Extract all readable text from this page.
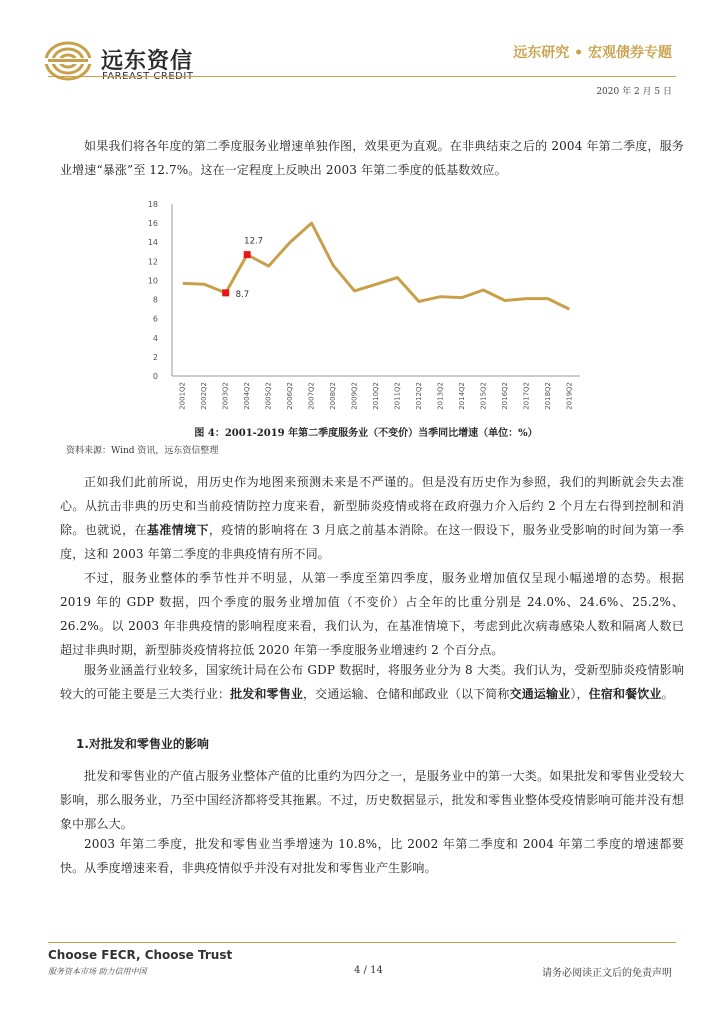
远东资信
FAREAST CREDIT
远东研究 • 宏观债券专题
2020 年 2 月 5 日

如果我们将各年度的第二季度服务业增速单独作图，效果更为直观。在非典结束之后的 2004 年第二季度，服务业增速“暴涨”至 12.7%。这在一定程度上反映出 2003 年第二季度的低基数效应。

0
2
4
6
8
10
12
14
16
18
2001Q2 2002Q2 2003Q2 2004Q2 2005Q2 2006Q2 2007Q2 2008Q2 2009Q2 2010Q2 2011Q2 2012Q2 2013Q2 2014Q2 2015Q2 2016Q2 2017Q2 2018Q2 2019Q2
8.7
12.7
图 4：2001-2019 年第二季度服务业（不变价）当季同比增速（单位：%）
资料来源：Wind 资讯，远东资信整理

正如我们此前所说，用历史作为地图来预测未来是不严谨的。但是没有历史作为参照，我们的判断就会失去准心。从抗击非典的历史和当前疫情防控力度来看，新型肺炎疫情或将在政府强力介入后约 2 个月左右得到控制和消除。也就说，在基准情境下，疫情的影响将在 3 月底之前基本消除。在这一假设下，服务业受影响的时间为第一季度，这和 2003 年第二季度的非典疫情有所不同。

不过，服务业整体的季节性并不明显，从第一季度至第四季度，服务业增加值仅呈现小幅递增的态势。根据 2019 年的 GDP 数据，四个季度的服务业增加值（不变价）占全年的比重分别是 24.0%、24.6%、25.2%、26.2%。以 2003 年非典疫情的影响程度来看，我们认为，在基准情境下，考虑到此次病毒感染人数和隔离人数已超过非典时期，新型肺炎疫情将拉低 2020 年第一季度服务业增速约 2 个百分点。

服务业涵盖行业较多，国家统计局在公布 GDP 数据时，将服务业分为 8 大类。我们认为，受新型肺炎疫情影响较大的可能主要是三大类行业：批发和零售业，交通运输、仓储和邮政业（以下简称交通运输业），住宿和餐饮业。

1.对批发和零售业的影响

批发和零售业的产值占服务业整体产值的比重约为四分之一，是服务业中的第一大类。如果批发和零售业受较大影响，那么服务业，乃至中国经济都将受其拖累。不过，历史数据显示，批发和零售业整体受疫情影响可能并没有想象中那么大。

2003 年第二季度，批发和零售业当季增速为 10.8%，比 2002 年第二季度和 2004 年第二季度的增速都要快。从季度增速来看，非典疫情似乎并没有对批发和零售业产生影响。

Choose FECR, Choose Trust
服务资本市场 助力信用中国	4 / 14	请务必阅读正文后的免责声明
